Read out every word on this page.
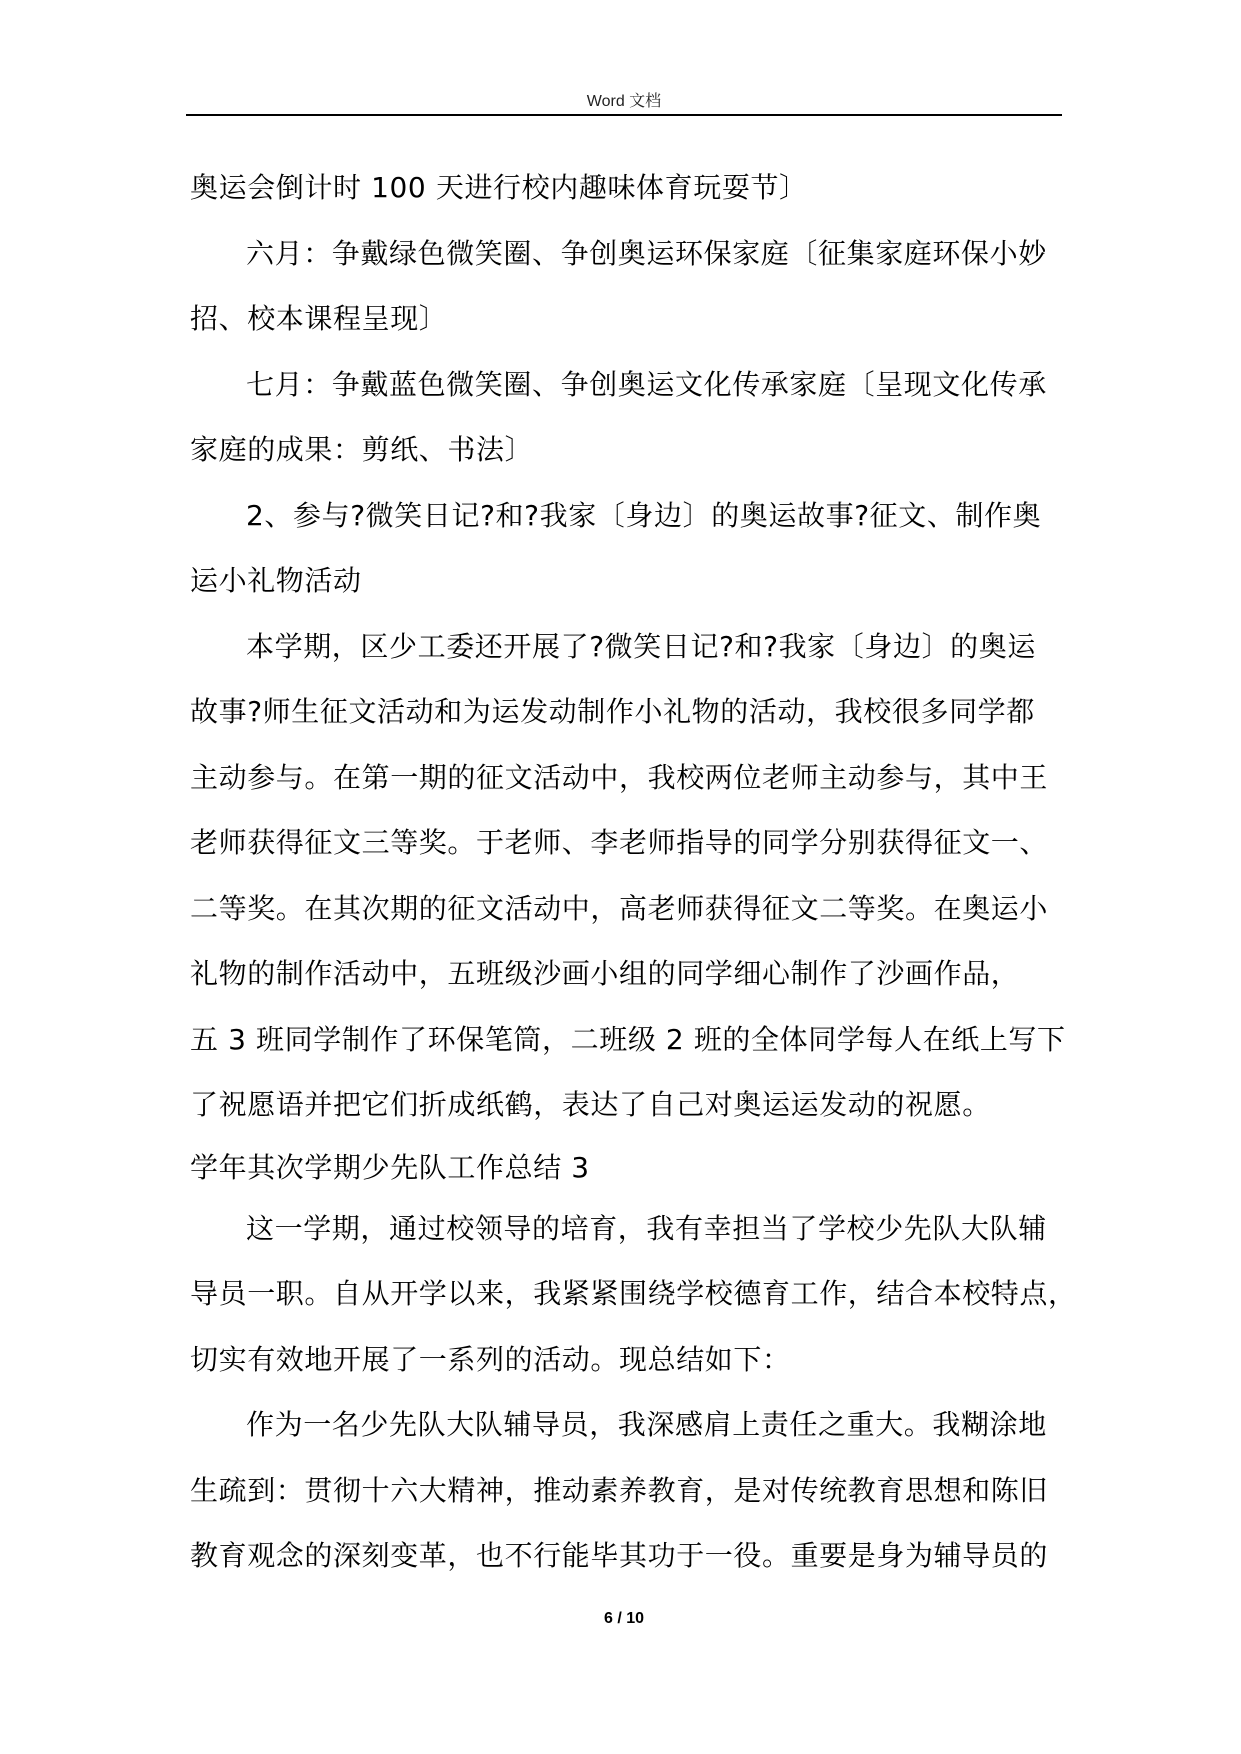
Word 文档
奥运会倒计时 100 天进行校内趣味体育玩耍节〕
六月：争戴绿色微笑圈、争创奥运环保家庭〔征集家庭环保小妙
招、校本课程呈现〕
七月：争戴蓝色微笑圈、争创奥运文化传承家庭〔呈现文化传承
家庭的成果：剪纸、书法〕
2、参与?微笑日记?和?我家〔身边〕的奥运故事?征文、制作奥
运小礼物活动
本学期，区少工委还开展了?微笑日记?和?我家〔身边〕的奥运
故事?师生征文活动和为运发动制作小礼物的活动，我校很多同学都
主动参与。在第一期的征文活动中，我校两位老师主动参与，其中王
老师获得征文三等奖。于老师、李老师指导的同学分别获得征文一、
二等奖。在其次期的征文活动中，高老师获得征文二等奖。在奥运小
礼物的制作活动中，五班级沙画小组的同学细心制作了沙画作品，
五 3 班同学制作了环保笔筒，二班级 2 班的全体同学每人在纸上写下
了祝愿语并把它们折成纸鹤，表达了自己对奥运运发动的祝愿。
学年其次学期少先队工作总结 3
这一学期，通过校领导的培育，我有幸担当了学校少先队大队辅
导员一职。自从开学以来，我紧紧围绕学校德育工作，结合本校特点，
切实有效地开展了一系列的活动。现总结如下：
作为一名少先队大队辅导员，我深感肩上责任之重大。我糊涂地
生疏到：贯彻十六大精神，推动素养教育，是对传统教育思想和陈旧
教育观念的深刻变革，也不行能毕其功于一役。重要是身为辅导员的
6 / 10
